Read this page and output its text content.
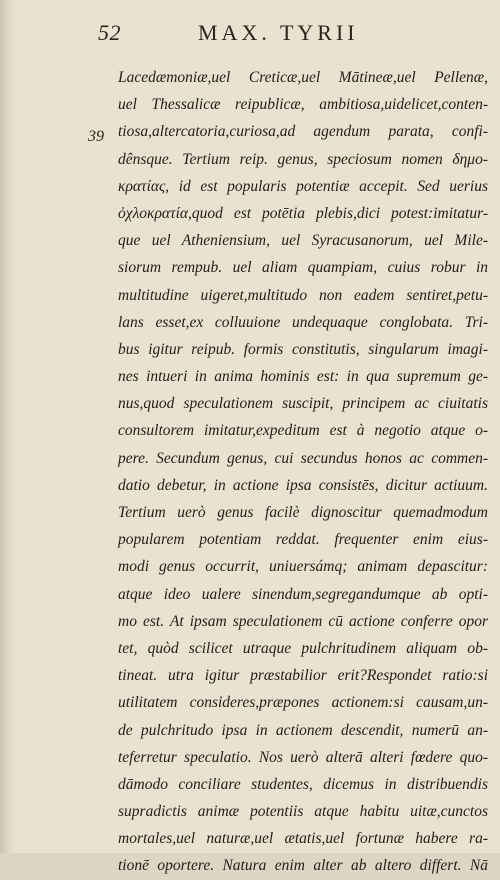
52	MAX. TYRII
39
Lacedæmoniæ,uel Creticæ,uel Mātineæ,uel Pellenæ,
uel Thessalicæ reipublicæ, ambitiosa,uidelicet,conten-
tiosa,altercatoria,curiosa,ad agendum parata, confi-
dênsque. Tertium reip. genus, speciosum nomen δημο-
κρατίας, id est popularis potentiæ accepit. Sed uerius
ὀχλοκρατία,quod est potētia plebis,dici potest:imitatur-
que uel Atheniensium, uel Syracusanorum, uel Mile-
siorum rempub. uel aliam quampiam, cuius robur in
multitudine uigeret,multitudo non eadem sentiret,petu-
lans esset,ex colluuione undequaque conglobata. Tri-
bus igitur reipub. formis constitutis, singularum imagi-
nes intueri in anima hominis est: in qua supremum ge-
nus,quod speculationem suscipit, principem ac ciuitatis
consultorem imitatur,expeditum est à negotio atque o-
pere. Secundum genus, cui secundus honos ac commen-
datio debetur, in actione ipsa consistēs, dicitur actiuum.
Tertium uerò genus facilè dignoscitur quemadmodum
popularem potentiam reddat. frequenter enim eius-
modi genus occurrit, uniuersámq; animam depascitur:
atque ideo ualere sinendum,segregandumque ab opti-
mo est. At ipsam speculationem cū actione conferre opor
tet, quòd scilicet utraque pulchritudinem aliquam ob-
tineat. utra igitur præstabilior erit?Respondet ratio:si
utilitatem consideres,præpones actionem:si causam,un-
de pulchritudo ipsa in actionem descendit, numerū an-
teferretur speculatio. Nos uerò alterā alteri fœdere quo-
dāmodo conciliare studentes, dicemus in distribuendis
supradictis animæ potentiis atque habitu uitæ,cunctos
mortales,uel naturæ,uel ætatis,uel fortunæ habere ra-
tionē oportere. Natura enim alter ab altero differt. Nā
